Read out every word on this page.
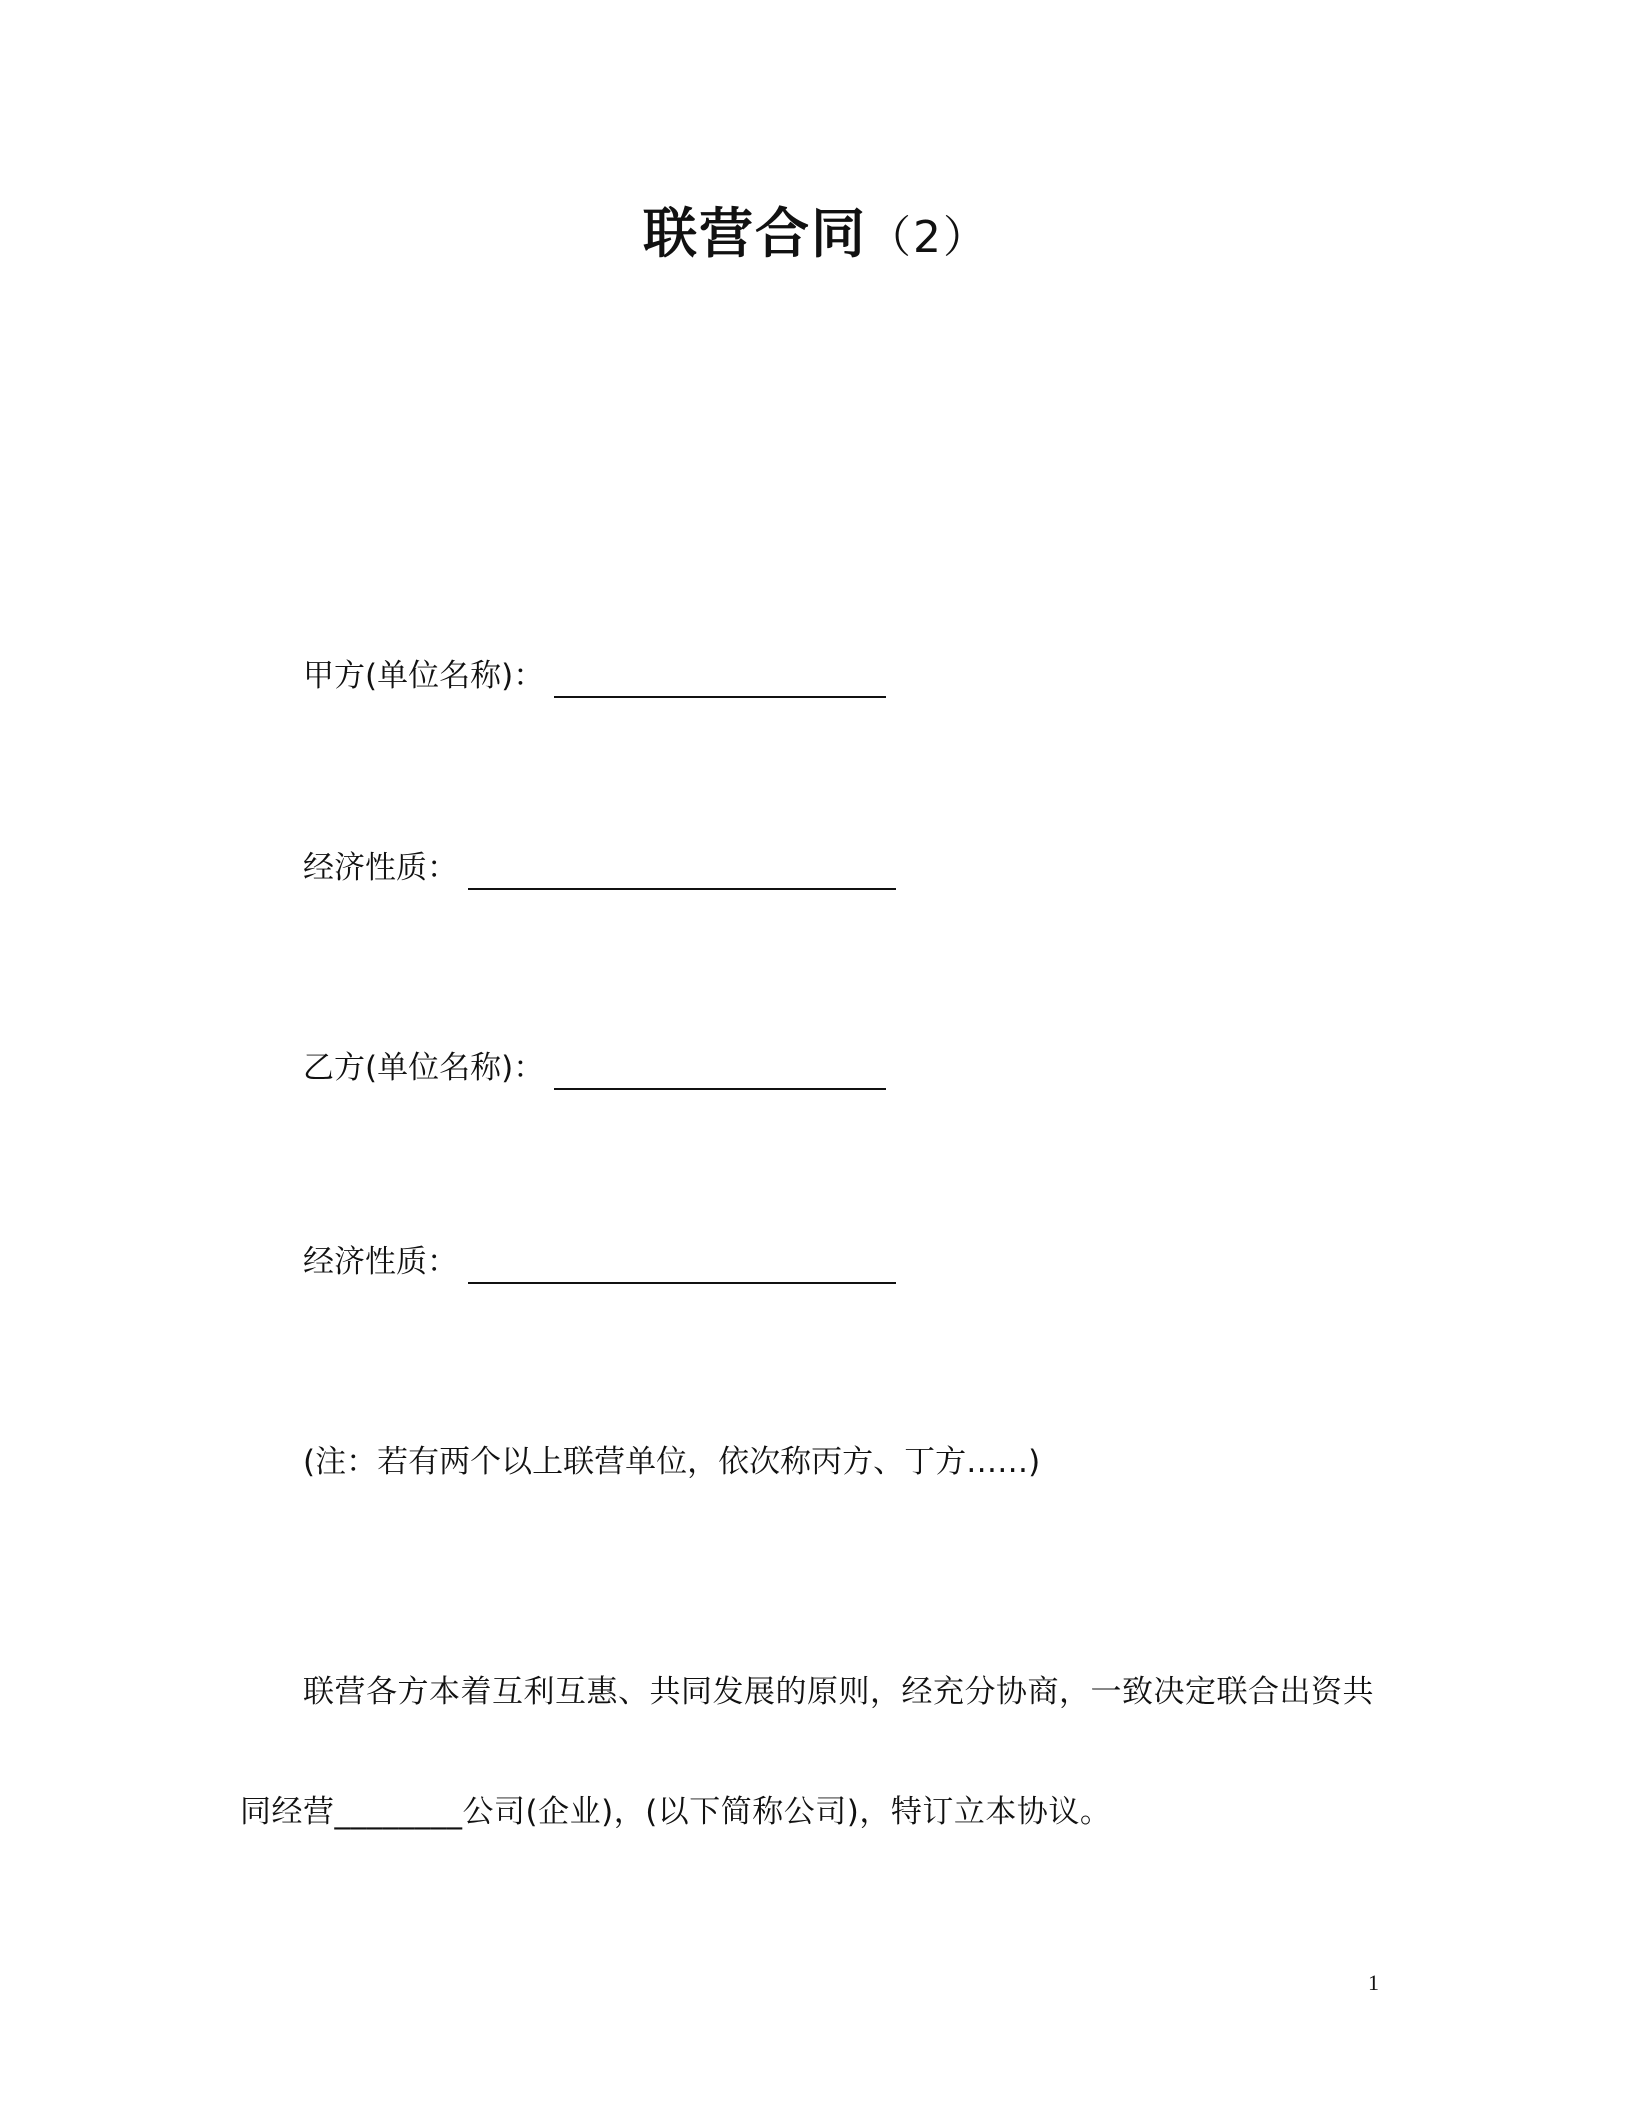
联营合同（2）
甲方(单位名称)：
经济性质：
乙方(单位名称)：
经济性质：
(注：若有两个以上联营单位，依次称丙方、丁方……)
联营各方本着互利互惠、共同发展的原则，经充分协商，一致决定联合出资共同经营________公司(企业)，(以下简称公司)，特订立本协议。
1
